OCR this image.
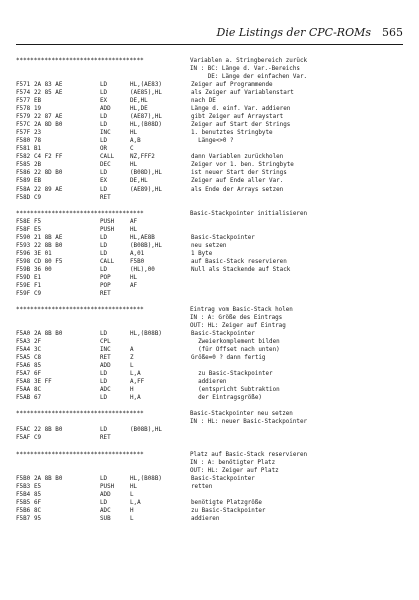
Die Listings der CPC-ROMs 565
************************************	Variablen a. Stringbereich zurück
IN : BC: Länge d. Var.-Bereichs
DE: Länge der einfachen Var.
F571 2A 83 AE	LD	HL,(AE83)	Zeiger auf Programmende
F574 22 85 AE	LD	(AE85),HL	als Zeiger auf Variablenstart
F577 EB	EX	DE,HL	nach DE
F578 19	ADD	HL,DE	Länge d. einf. Var. addieren
F579 22 87 AE	LD	(AE87),HL	gibt Zeiger auf Arraystart
F57C 2A 8D B0	LD	HL,(B08D)	Zeiger auf Start der Strings
F57F 23	INC	HL	1. benutztes Stringbyte
F580 78	LD	A,B	Länge<>0 ?
F581 B1	OR	C
F582 C4 F2 FF	CALL	NZ,FFF2	dann Variablen zurückholen
F585 2B	DEC	HL	Zeiger vor 1. ben. Stringbyte
F586 22 8D B0	LD	(B08D),HL	ist neuer Start der Strings
F589 EB	EX	DE,HL	Zeiger auf Ende aller Var.
F58A 22 89 AE	LD	(AE89),HL	als Ende der Arrays setzen
F58D C9	RET
************************************	Basic-Stackpointer initialisieren
F58E F5	PUSH	AF
F58F E5	PUSH	HL
F590 21 8B AE	LD	HL,AE8B	Basic-Stackpointer
F593 22 8B B0	LD	(B08B),HL	neu setzen
F596 3E 01	LD	A,01	1 Byte
F598 CD 80 F5	CALL	F5B0	auf Basic-Stack reservieren
F59B 36 00	LD	(HL),00	Null als Stackende auf Stack
F59D E1	POP	HL
F59E F1	POP	AF
F59F C9	RET
************************************	Eintrag vom Basic-Stack holen
IN : A: Größe des Eintrags
OUT: HL: Zeiger auf Eintrag
F5A0 2A 8B B0	LD	HL,(B08B)	Basic-Stackpointer
F5A3 2F	CPL	Zweierkomplement bilden
F5A4 3C	INC	A	(für Offset nach unten)
F5A5 C8	RET	Z	Größe=0 ? dann fertig
F5A6 85	ADD	L
F5A7 6F	LD	L,A	zu Basic-Stackpointer
F5A8 3E FF	LD	A,FF	addieren
F5AA 8C	ADC	H	(entspricht Subtraktion
F5AB 67	LD	H,A	der Eintragsgröße)
************************************	Basic-Stackpointer neu setzen
IN : HL: neuer Basic-Stackpointer
F5AC 22 8B B0	LD	(B08B),HL
F5AF C9	RET
************************************	Platz auf Basic-Stack reservieren
IN : A: benötigter Platz
OUT: HL: Zeiger auf Platz
F5B0 2A 8B B0	LD	HL,(B08B)	Basic-Stackpointer
F5B3 E5	PUSH	HL	retten
F5B4 85	ADD	L
F5B5 6F	LD	L,A	benötigte Platzgröße
F5B6 8C	ADC	H	zu Basic-Stackpointer
F5B7 95	SUB	L	addieren
